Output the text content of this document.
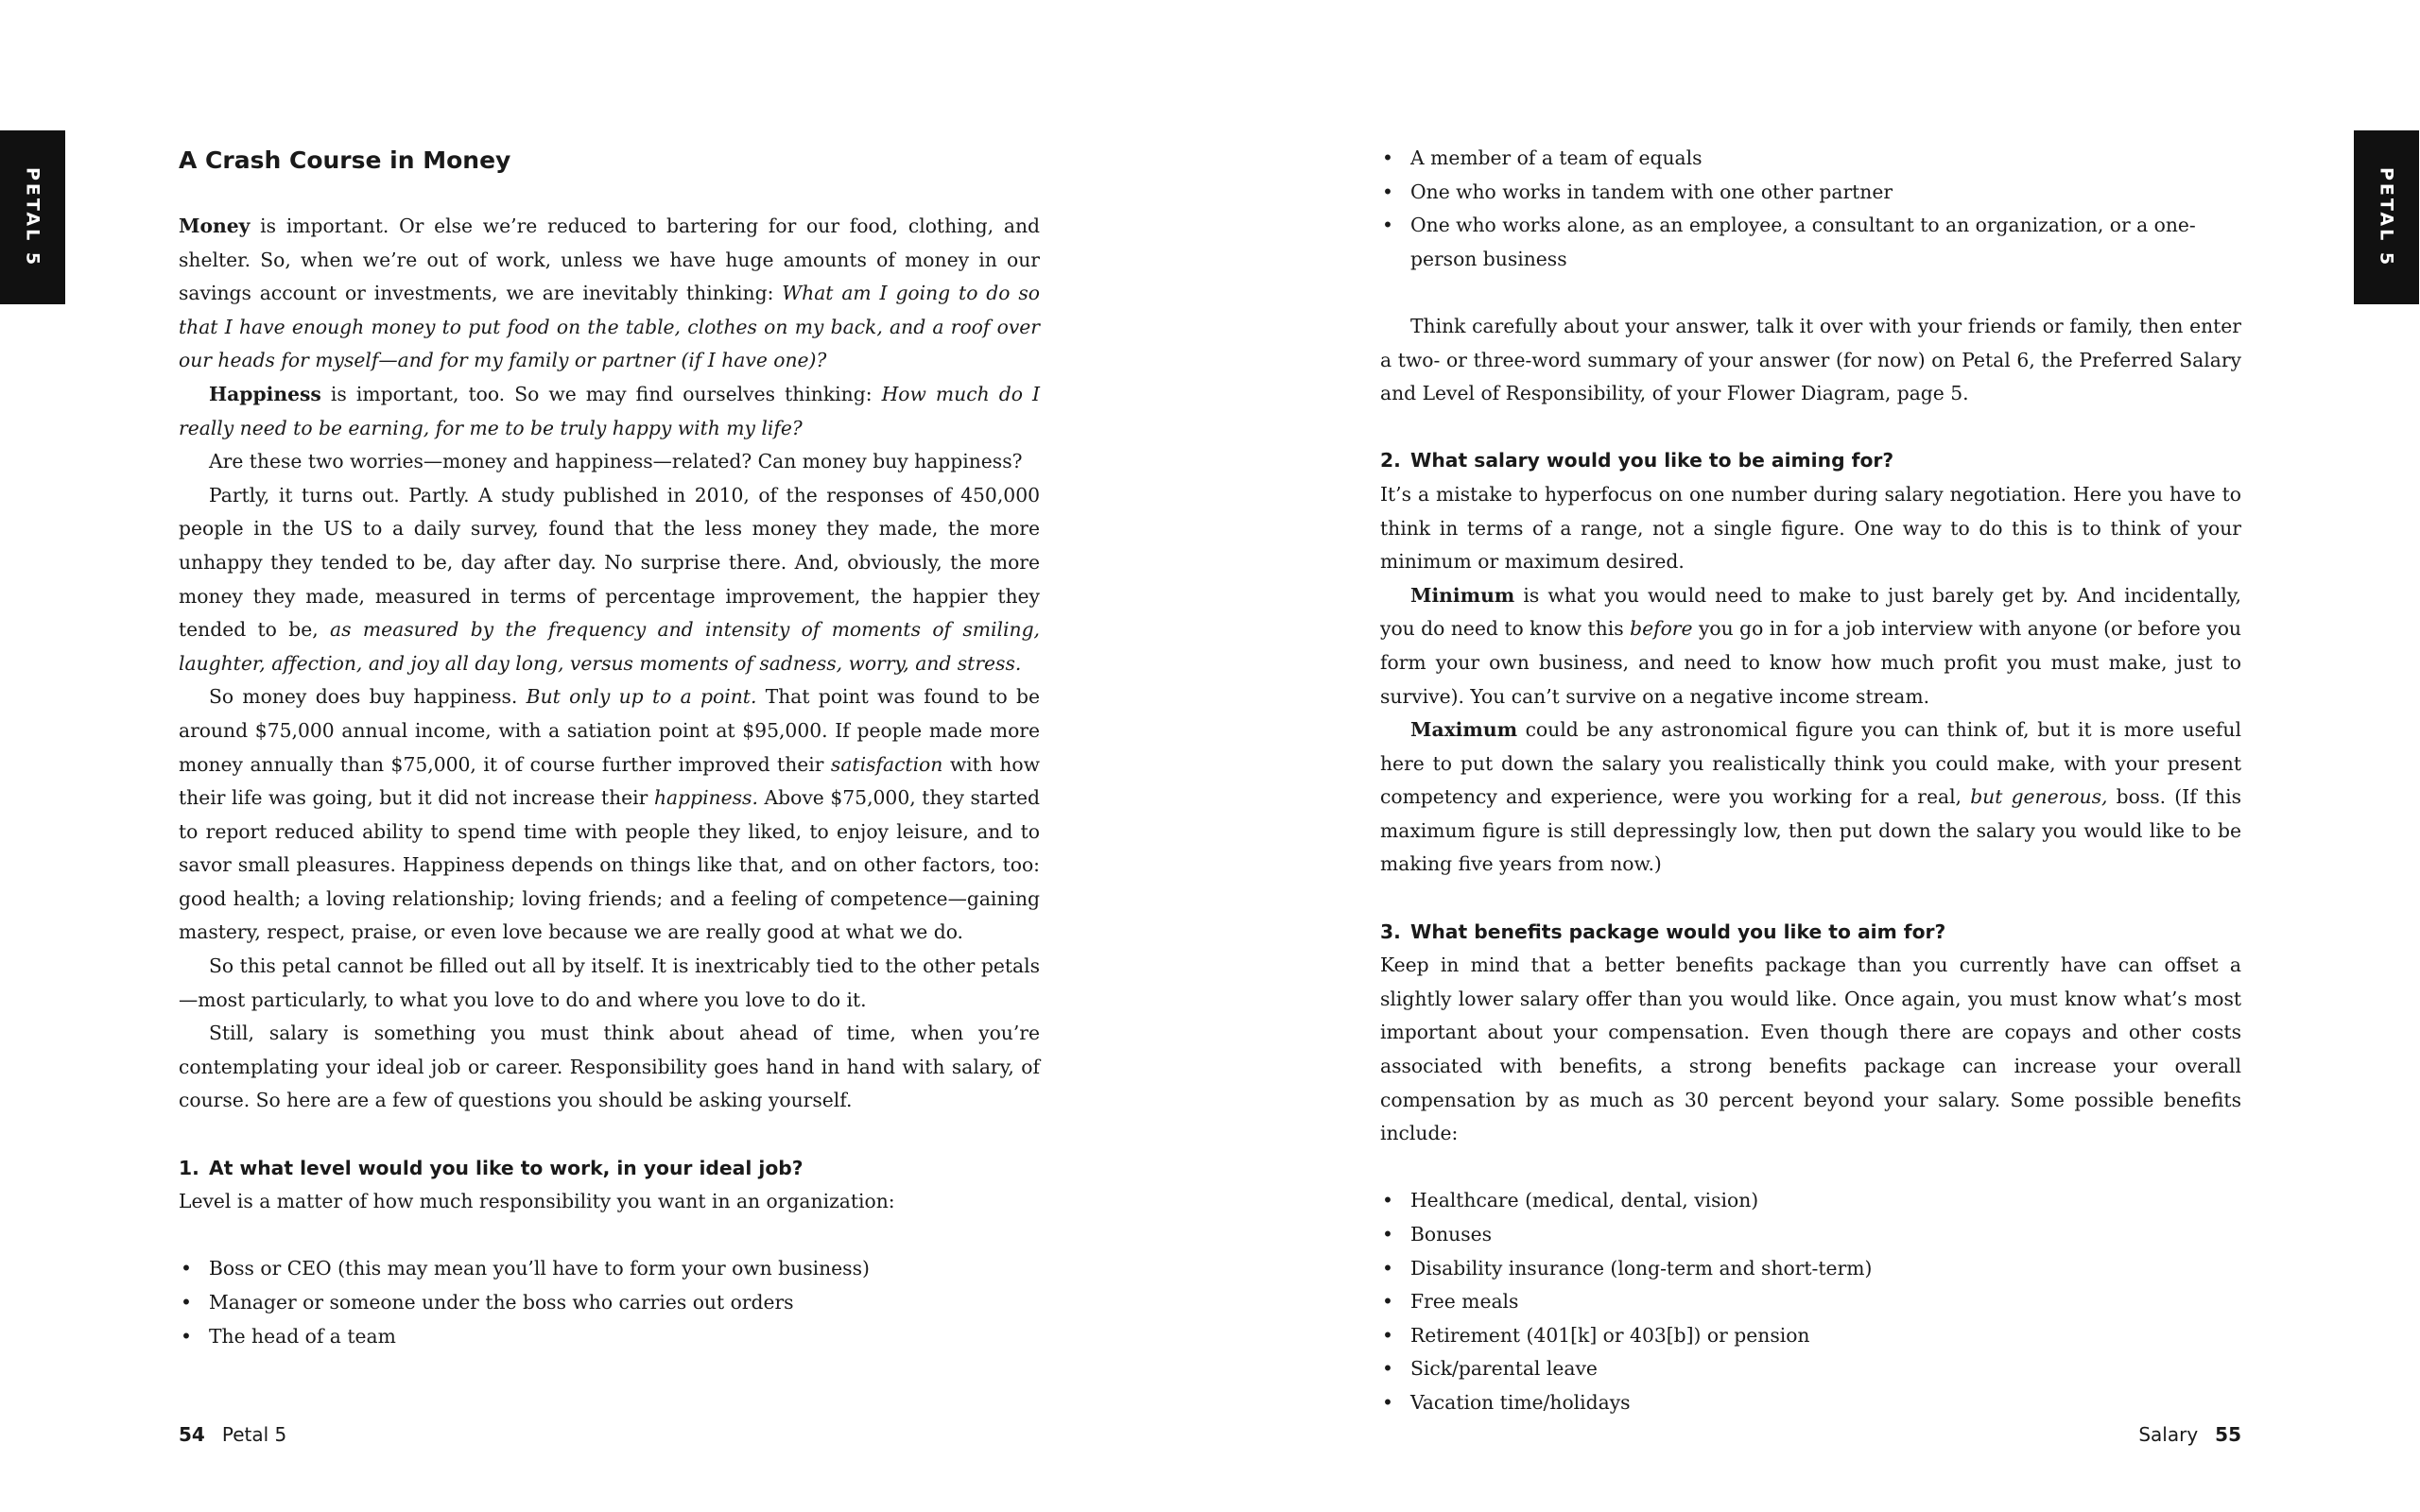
PETAL 5	PETAL 5
A Crash Course in Money

Money is important. Or else we’re reduced to bartering for our food, clothing, and shelter. So, when we’re out of work, unless we have huge amounts of money in our savings account or investments, we are inevitably thinking: What am I going to do so that I have enough money to put food on the table, clothes on my back, and a roof over our heads for myself—and for my family or partner (if I have one)?

Happiness is important, too. So we may find ourselves thinking: How much do I really need to be earning, for me to be truly happy with my life?

Are these two worries—money and happiness—related? Can money buy happiness?

Partly, it turns out. Partly. A study published in 2010, of the responses of 450,000 people in the US to a daily survey, found that the less money they made, the more unhappy they tended to be, day after day. No surprise there. And, obviously, the more money they made, measured in terms of percentage improvement, the happier they tended to be, as measured by the frequency and intensity of moments of smiling, laughter, affection, and joy all day long, versus moments of sadness, worry, and stress.

So money does buy happiness. But only up to a point. That point was found to be around $75,000 annual income, with a satiation point at $95,000. If people made more money annually than $75,000, it of course further improved their satisfaction with how their life was going, but it did not increase their happiness. Above $75,000, they started to report reduced ability to spend time with people they liked, to enjoy leisure, and to savor small pleasures. Happiness depends on things like that, and on other factors, too: good health; a loving relationship; loving friends; and a feeling of competence—gaining mastery, respect, praise, or even love because we are really good at what we do.

So this petal cannot be filled out all by itself. It is inextricably tied to the other petals—most particularly, to what you love to do and where you love to do it.

Still, salary is something you must think about ahead of time, when you’re contemplating your ideal job or career. Responsibility goes hand in hand with salary, of course. So here are a few of questions you should be asking yourself.

1. At what level would you like to work, in your ideal job?

Level is a matter of how much responsibility you want in an organization:

• Boss or CEO (this may mean you’ll have to form your own business)
• Manager or someone under the boss who carries out orders
• The head of a team
• A member of a team of equals
• One who works in tandem with one other partner
• One who works alone, as an employee, a consultant to an organization, or a one-person business

Think carefully about your answer, talk it over with your friends or family, then enter a two- or three-word summary of your answer (for now) on Petal 6, the Preferred Salary and Level of Responsibility, of your Flower Diagram, page 5.

2. What salary would you like to be aiming for?

It’s a mistake to hyperfocus on one number during salary negotiation. Here you have to think in terms of a range, not a single figure. One way to do this is to think of your minimum or maximum desired.

Minimum is what you would need to make to just barely get by. And incidentally, you do need to know this before you go in for a job interview with anyone (or before you form your own business, and need to know how much profit you must make, just to survive). You can’t survive on a negative income stream.

Maximum could be any astronomical figure you can think of, but it is more useful here to put down the salary you realistically think you could make, with your present competency and experience, were you working for a real, but generous, boss. (If this maximum figure is still depressingly low, then put down the salary you would like to be making five years from now.)

3. What benefits package would you like to aim for?

Keep in mind that a better benefits package than you currently have can offset a slightly lower salary offer than you would like. Once again, you must know what’s most important about your compensation. Even though there are copays and other costs associated with benefits, a strong benefits package can increase your overall compensation by as much as 30 percent beyond your salary. Some possible benefits include:

• Healthcare (medical, dental, vision)
• Bonuses
• Disability insurance (long-term and short-term)
• Free meals
• Retirement (401[k] or 403[b]) or pension
• Sick/parental leave
• Vacation time/holidays
54 Petal 5	Salary 55
